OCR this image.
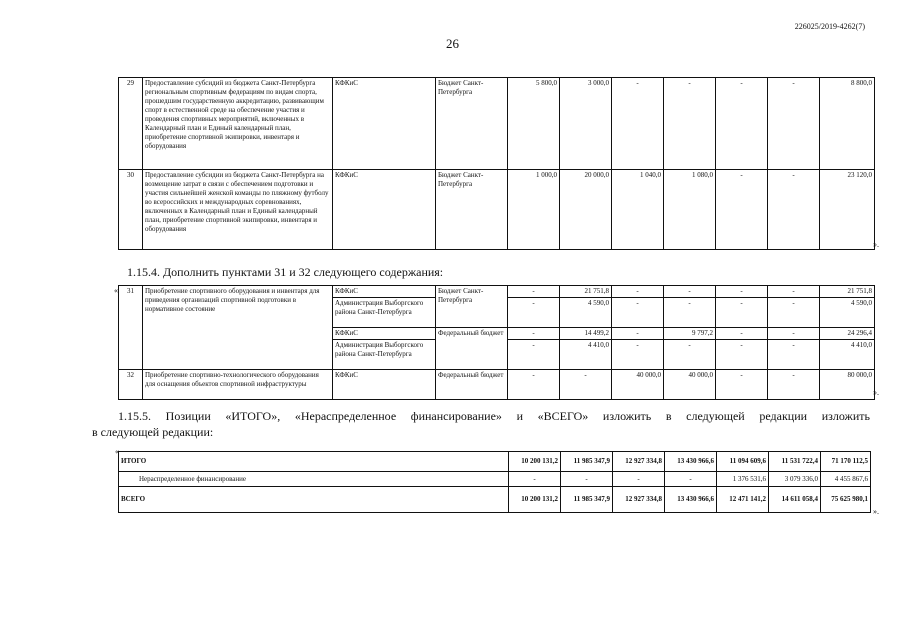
226025/2019-4262(7)
26
29	Предоставление субсидий из бюджета Санкт-Петербурга региональным спортивным федерациям по видам спорта, прошедшим государственную аккредитацию, развивающим спорт в естественной среде на обеспечение участия и проведения спортивных мероприятий, включенных в Календарный план и Единый календарный план, приобретение спортивной экипировки, инвентаря и оборудования	КФКиС	Бюджет Санкт-Петербурга	5 800,0	3 000,0	-	-	-	-	8 800,0
30	Предоставление субсидии из бюджета Санкт-Петербурга на возмещение затрат в связи с обеспечением подготовки и участия сильнейшей женской команды по пляжному футболу во всероссийских и международных соревнованиях, включенных в Календарный план и Единый календарный план, приобретение спортивной экипировки, инвентаря и оборудования	КФКиС	Бюджет Санкт-Петербурга	1 000,0	20 000,0	1 040,0	1 080,0	-	-	23 120,0
».
1.15.4. Дополнить пунктами 31 и 32 следующего содержания:
« 31	Приобретение спортивного оборудования и инвентаря для приведения организаций спортивной подготовки в нормативное состояние	КФКиС	Бюджет Санкт-Петербурга	-	21 751,8	-	-	-	-	21 751,8
		Администрация Выборгского района Санкт-Петербурга		-	4 590,0	-	-	-	-	4 590,0
		КФКиС	Федеральный бюджет	-	14 499,2	-	9 797,2	-	-	24 296,4
		Администрация Выборгского района Санкт-Петербурга		-	4 410,0	-	-	-	-	4 410,0
32	Приобретение спортивно-технологического оборудования для оснащения объектов спортивной инфраструктуры	КФКиС	Федеральный бюджет	-	-	40 000,0	40 000,0	-	-	80 000,0
».
1.15.5. Позиции «ИТОГО», «Нераспределенное финансирование» и «ВСЕГО» изложить в следующей редакции изложить
в следующей редакции:
«
ИТОГО	10 200 131,2	11 985 347,9	12 927 334,8	13 430 966,6	11 094 609,6	11 531 722,4	71 170 112,5
Нераспределенное финансирование	-	-	-	-	1 376 531,6	3 079 336,0	4 455 867,6
ВСЕГО	10 200 131,2	11 985 347,9	12 927 334,8	13 430 966,6	12 471 141,2	14 611 058,4	75 625 980,1
».
